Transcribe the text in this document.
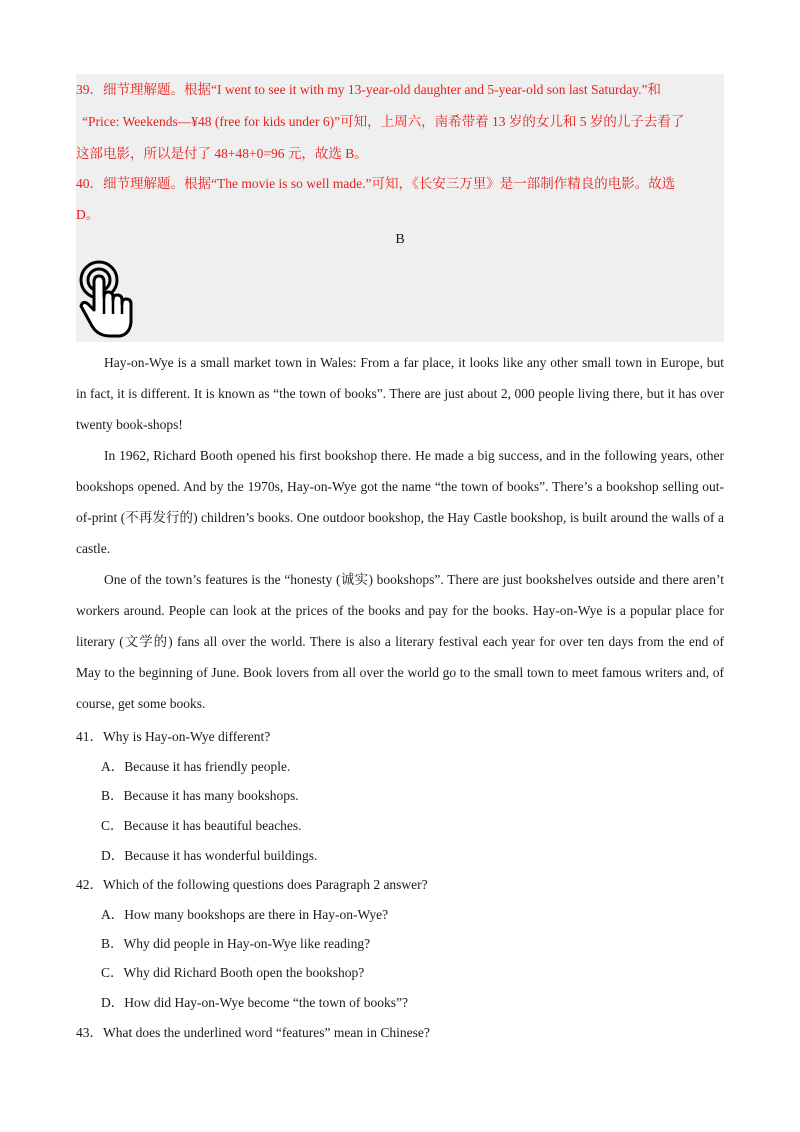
39．细节理解题。根据“I went to see it with my 13-year-old daughter and 5-year-old son last Saturday.”和
“Price: Weekends—¥48 (free for kids under 6)”可知，上周六，南希带着 13 岁的女儿和 5 岁的儿子去看了
这部电影，所以是付了 48+48+0=96 元，故选 B。
40．细节理解题。根据“The movie is so well made.”可知，《长安三万里》是一部制作精良的电影。故选
D。
B

Hay-on-Wye is a small market town in Wales: From a far place, it looks like any other small town in Europe, but in fact, it is different. It is known as “the town of books”. There are just about 2, 000 people living there, but it has over twenty book-shops!

In 1962, Richard Booth opened his first bookshop there. He made a big success, and in the following years, other bookshops opened. And by the 1970s, Hay-on-Wye got the name “the town of books”. There’s a bookshop selling out-of-print (不再发行的) children’s books. One outdoor bookshop, the Hay Castle bookshop, is built around the walls of a castle.

One of the town’s features is the “honesty (诚实) bookshops”. There are just bookshelves outside and there aren’t workers around. People can look at the prices of the books and pay for the books. Hay-on-Wye is a popular place for literary (文学的) fans all over the world. There is also a literary festival each year for over ten days from the end of May to the beginning of June. Book lovers from all over the world go to the small town to meet famous writers and, of course, get some books.

41．Why is Hay-on-Wye different?
A．Because it has friendly people.
B．Because it has many bookshops.
C．Because it has beautiful beaches.
D．Because it has wonderful buildings.
42．Which of the following questions does Paragraph 2 answer?
A．How many bookshops are there in Hay-on-Wye?
B．Why did people in Hay-on-Wye like reading?
C．Why did Richard Booth open the bookshop?
D．How did Hay-on-Wye become “the town of books”?
43．What does the underlined word “features” mean in Chinese?
